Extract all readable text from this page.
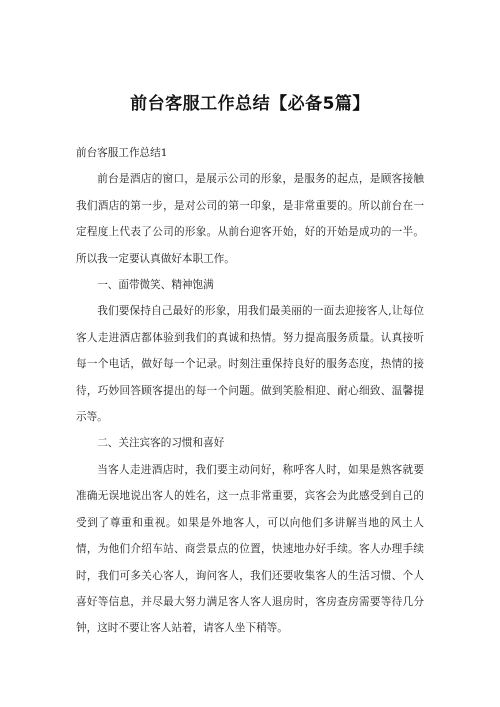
前台客服工作总结【必备5篇】

前台客服工作总结1

前台是酒店的窗口，是展示公司的形象，是服务的起点，是顾客接触我们酒店的第一步，是对公司的第一印象，是非常重要的。所以前台在一定程度上代表了公司的形象。从前台迎客开始，好的开始是成功的一半。所以我一定要认真做好本职工作。

一、面带微笑、精神饱满

我们要保持自己最好的形象，用我们最美丽的一面去迎接客人,让每位客人走进酒店都体验到我们的真诚和热情。努力提高服务质量。认真接听每一个电话，做好每一个记录。时刻注重保持良好的服务态度，热情的接待，巧妙回答顾客提出的每一个问题。做到笑脸相迎、耐心细致、温馨提示等。

二、关注宾客的习惯和喜好

当客人走进酒店时，我们要主动问好，称呼客人时，如果是熟客就要准确无误地说出客人的姓名，这一点非常重要，宾客会为此感受到自己的受到了尊重和重视。如果是外地客人，可以向他们多讲解当地的风土人情，为他们介绍车站、商尝景点的位置，快速地办好手续。客人办理手续时，我们可多关心客人，询问客人，我们还要收集客人的生活习惯、个人喜好等信息，并尽最大努力满足客人客人退房时，客房查房需要等待几分钟，这时不要让客人站着，请客人坐下稍等。
